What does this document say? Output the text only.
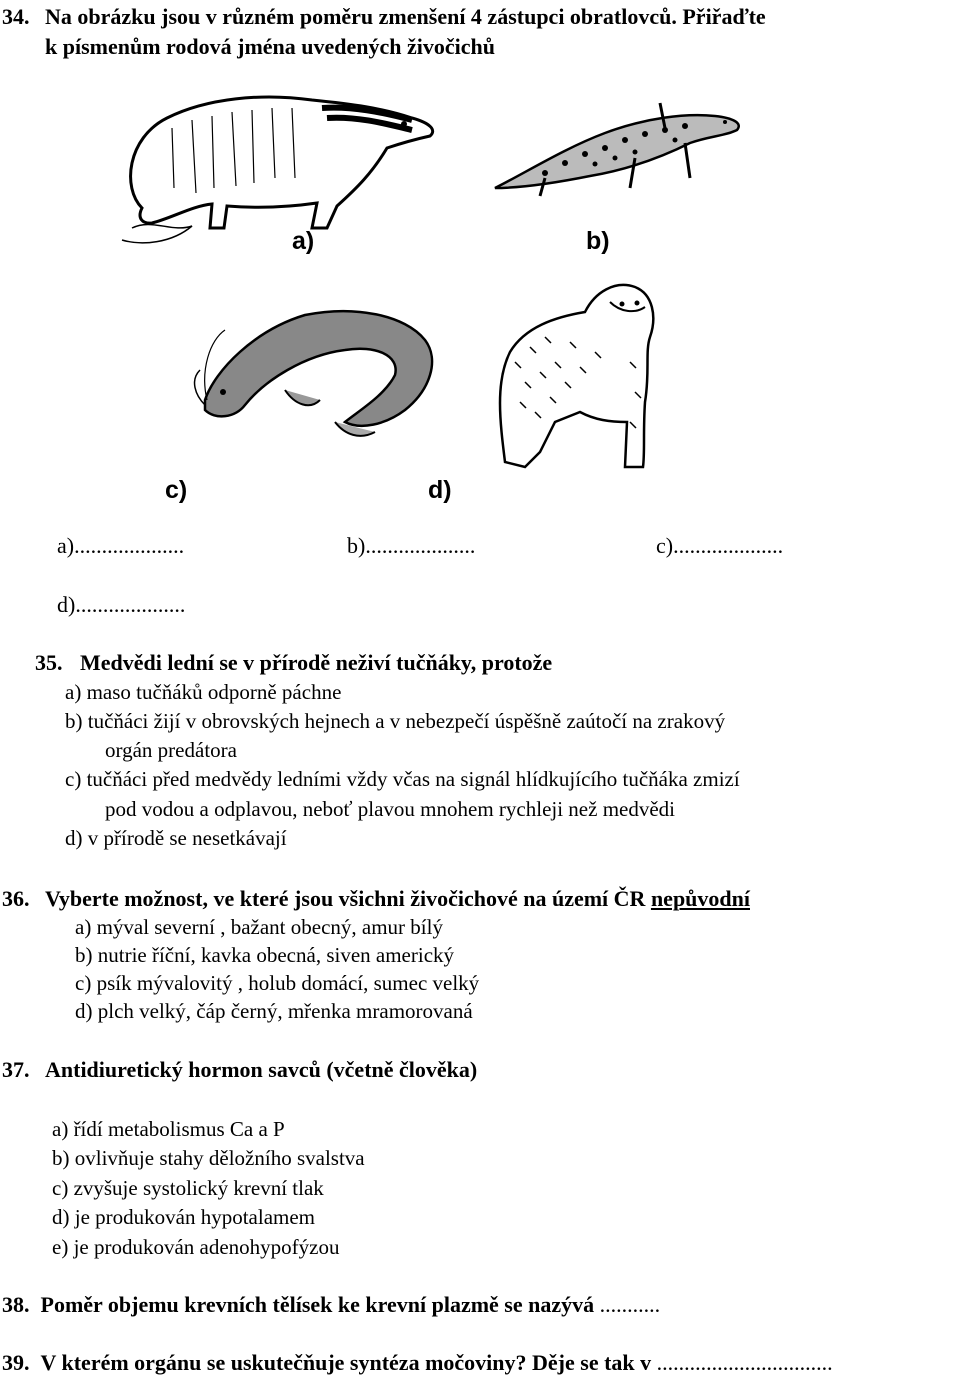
34. Na obrázku jsou v různém poměru zmenšení 4 zástupci obratlovců. Přiřaďte
k písmenům rodová jména uvedených živočichů
a)	b)
c)	d)
a)....................	b)....................	c)....................
d)....................
35. Medvědi lední se v přírodě neživí tučňáky, protože
a) maso tučňáků odporně páchne
b) tučňáci žijí v obrovských hejnech a v nebezpečí úspěšně zaútočí na zrakový
orgán predátora
c) tučňáci před medvědy ledními vždy včas na signál hlídkujícího tučňáka zmizí
pod vodou a odplavou, neboť plavou mnohem rychleji než medvědi
d) v přírodě se nesetkávají
36. Vyberte možnost, ve které jsou všichni živočichové na území ČR nepůvodní
a) mýval severní , bažant obecný, amur bílý
b) nutrie říční, kavka obecná, siven americký
c) psík mývalovitý , holub domácí, sumec velký
d) plch velký, čáp černý, mřenka mramorovaná
37. Antidiuretický hormon savců (včetně člověka)
a) řídí metabolismus Ca a P
b) ovlivňuje stahy děložního svalstva
c) zvyšuje systolický krevní tlak
d) je produkován hypotalamem
e) je produkován adenohypofýzou
38. Poměr objemu krevních tělísek ke krevní plazmě se nazývá ...........
39. V kterém orgánu se uskutečňuje syntéza močoviny? Děje se tak v ................................
